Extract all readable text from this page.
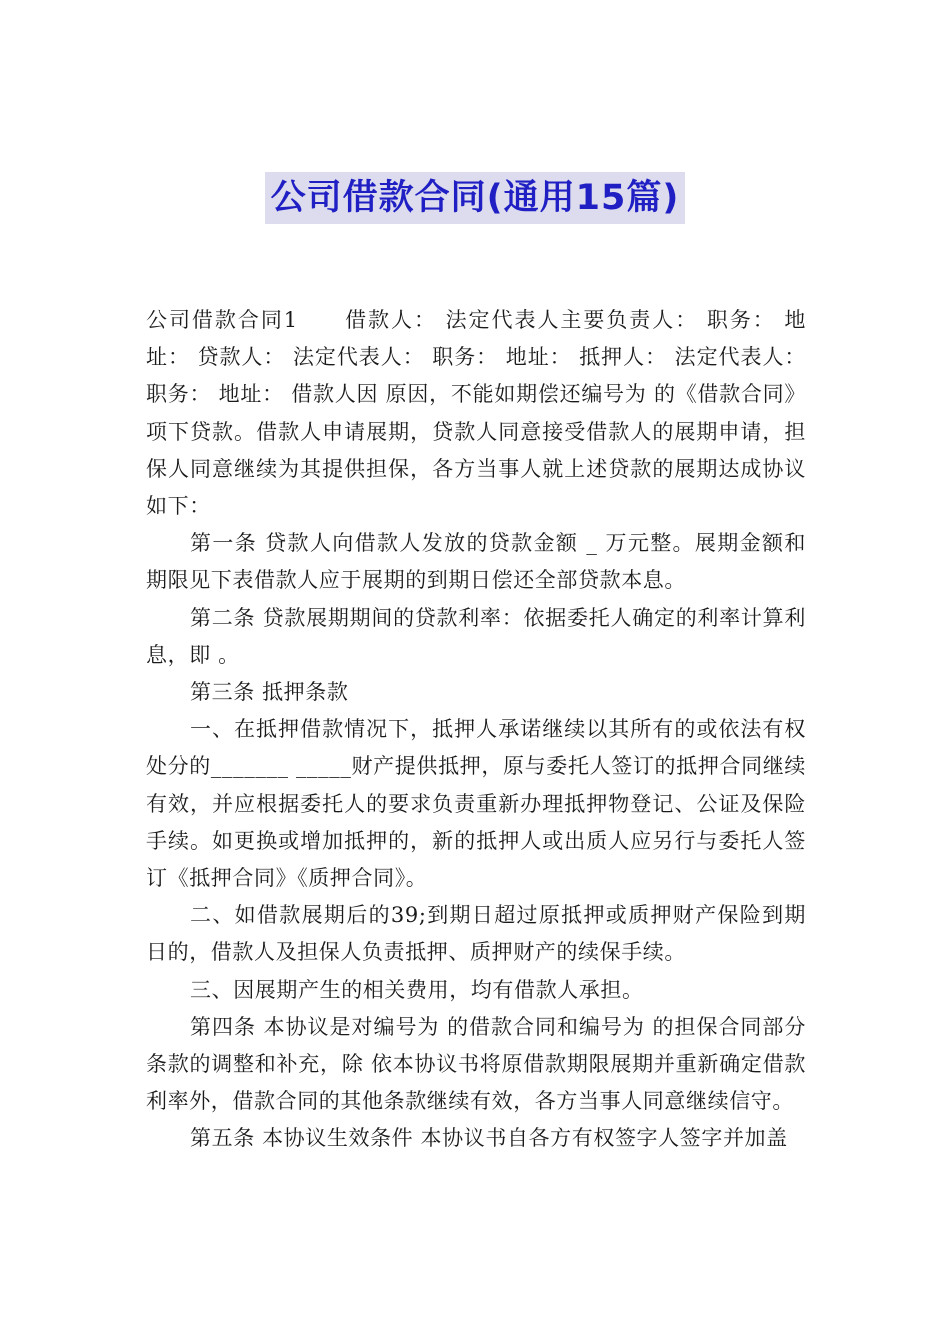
公司借款合同(通用15篇)

公司借款合同1　　借款人： 法定代表人主要负责人： 职务： 地址： 贷款人： 法定代表人： 职务： 地址： 抵押人： 法定代表人： 职务： 地址： 借款人因 原因，不能如期偿还编号为 的《借款合同》项下贷款。借款人申请展期，贷款人同意接受借款人的展期申请，担保人同意继续为其提供担保，各方当事人就上述贷款的展期达成协议如下：

第一条 贷款人向借款人发放的贷款金额 _ 万元整。展期金额和期限见下表借款人应于展期的到期日偿还全部贷款本息。

第二条 贷款展期期间的贷款利率：依据委托人确定的利率计算利息，即 。

第三条 抵押条款

一、在抵押借款情况下，抵押人承诺继续以其所有的或依法有权处分的_______ _____财产提供抵押，原与委托人签订的抵押合同继续有效，并应根据委托人的要求负责重新办理抵押物登记、公证及保险手续。如更换或增加抵押的，新的抵押人或出质人应另行与委托人签订《抵押合同》《质押合同》。

二、如借款展期后的39;到期日超过原抵押或质押财产保险到期日的，借款人及担保人负责抵押、质押财产的续保手续。

三、因展期产生的相关费用，均有借款人承担。

第四条 本协议是对编号为 的借款合同和编号为 的担保合同部分条款的调整和补充，除 依本协议书将原借款期限展期并重新确定借款利率外，借款合同的其他条款继续有效，各方当事人同意继续信守。

第五条 本协议生效条件 本协议书自各方有权签字人签字并加盖
